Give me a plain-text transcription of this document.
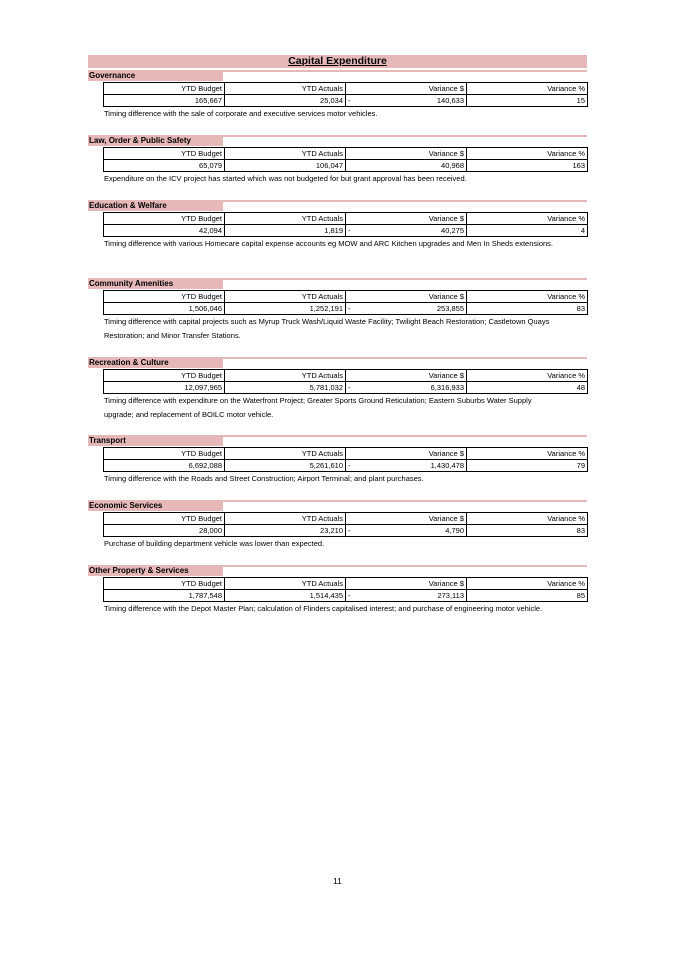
Capital Expenditure
Governance
YTD Budget	YTD Actuals	Variance $	Variance %
165,667	25,034	- 140,633	15
Timing difference with the sale of corporate and executive services motor vehicles.
Law, Order & Public Safety
YTD Budget	YTD Actuals	Variance $	Variance %
65,079	106,047	40,968	163
Expenditure on the ICV project has started which was not budgeted for but grant approval has been received.
Education & Welfare
YTD Budget	YTD Actuals	Variance $	Variance %
42,094	1,819	- 40,275	4
Timing difference with various Homecare capital expense accounts eg MOW and ARC Kitchen upgrades and Men In Sheds extensions.
Community Amenities
YTD Budget	YTD Actuals	Variance $	Variance %
1,506,046	1,252,191	- 253,855	83
Timing difference with capital projects such as Myrup Truck Wash/Liquid Waste Facility; Twilight Beach Restoration; Castletown Quays Restoration; and Minor Transfer Stations.
Recreation & Culture
YTD Budget	YTD Actuals	Variance $	Variance %
12,097,965	5,781,032	- 6,316,933	48
Timing difference with expenditure on the Waterfront Project; Greater Sports Ground Reticulation; Eastern Suburbs Water Supply upgrade; and replacement of BOILC motor vehicle.
Transport
YTD Budget	YTD Actuals	Variance $	Variance %
6,692,088	5,261,610	- 1,430,478	79
Timing difference with the Roads and Street Construction; Airport Terminal; and plant purchases.
Economic Services
YTD Budget	YTD Actuals	Variance $	Variance %
28,000	23,210	- 4,790	83
Purchase of building department vehicle was lower than expected.
Other Property & Services
YTD Budget	YTD Actuals	Variance $	Variance %
1,787,548	1,514,435	- 273,113	85
Timing difference with the Depot Master Plan; calculation of Flinders capitalised interest; and purchase of engineering motor vehicle.
11
